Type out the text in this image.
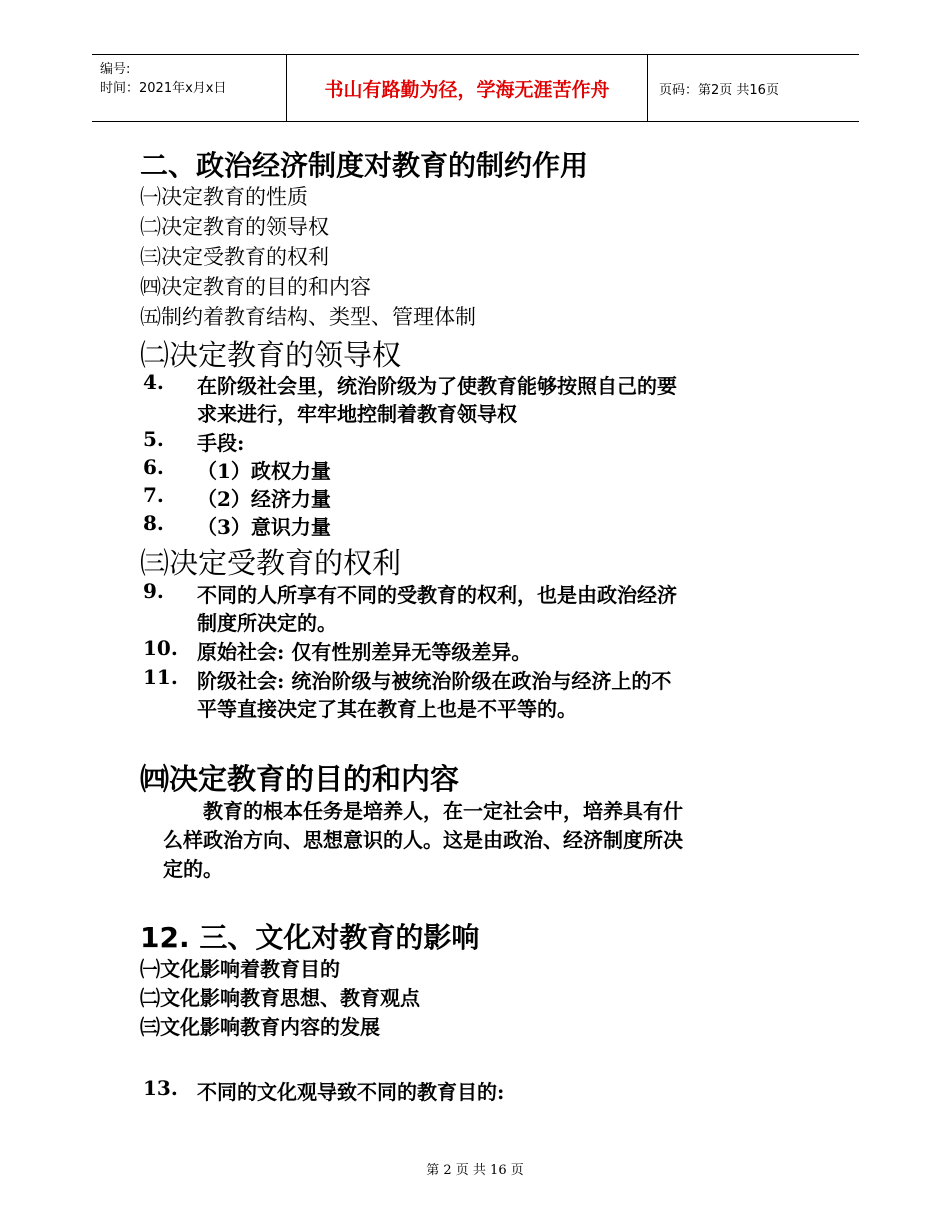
编号:
时间：2021年x月x日	书山有路勤为径，学海无涯苦作舟	页码：第2页 共16页
二、政治经济制度对教育的制约作用
㈠决定教育的性质
㈡决定教育的领导权
㈢决定受教育的权利
㈣决定教育的目的和内容
㈤制约着教育结构、类型、管理体制
㈡决定教育的领导权
4. 在阶级社会里，统治阶级为了使教育能够按照自己的要
求来进行，牢牢地控制着教育领导权
5. 手段:
6. （1）政权力量
7. （2）经济力量
8. （3）意识力量
㈢决定受教育的权利
9. 不同的人所享有不同的受教育的权利，也是由政治经济
制度所决定的。
10. 原始社会: 仅有性别差异无等级差异。
11. 阶级社会: 统治阶级与被统治阶级在政治与经济上的不
平等直接决定了其在教育上也是不平等的。
㈣决定教育的目的和内容
教育的根本任务是培养人，在一定社会中，培养具有什
么样政治方向、思想意识的人。这是由政治、经济制度所决
定的。
12. 三、文化对教育的影响
㈠文化影响着教育目的
㈡文化影响教育思想、教育观点
㈢文化影响教育内容的发展
13. 不同的文化观导致不同的教育目的:
第 2 页 共 16 页
